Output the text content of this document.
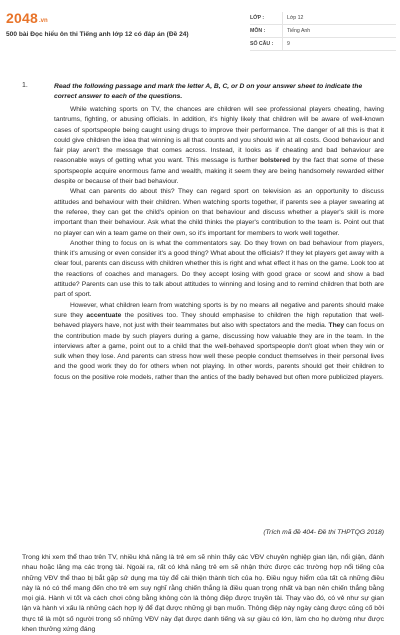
2048.vn
500 bài Đọc hiểu ôn thi Tiếng anh lớp 12 có đáp án (Đề 24)
LỚP :	Lớp 12
MÔN :	Tiếng Anh
SỐ CÂU :	9
1.	Read the following passage and mark the letter A, B, C, or D on your answer sheet to indicate the correct answer to each of the questions.

While watching sports on TV, the chances are children will see professional players cheating, having tantrums, fighting, or abusing officials. In addition, it's highly likely that children will be aware of well-known cases of sportspeople being caught using drugs to improve their performance. The danger of all this is that it could give children the idea that winning is all that counts and you should win at all costs. Good behaviour and fair play aren't the message that comes across. Instead, it looks as if cheating and bad behaviour are reasonable ways of getting what you want. This message is further bolstered by the fact that some of these sportspeople acquire enormous fame and wealth, making it seem they are being handsomely rewarded either despite or because of their bad behaviour.

What can parents do about this? They can regard sport on television as an opportunity to discuss attitudes and behaviour with their children. When watching sports together, if parents see a player swearing at the referee, they can get the child's opinion on that behaviour and discuss whether a player's skill is more important than their behaviour. Ask what the child thinks the player's contribution to the team is. Point out that no player can win a team game on their own, so it's important for members to work well together.

Another thing to focus on is what the commentators say. Do they frown on bad behaviour from players, think it's amusing or even consider it's a good thing? What about the officials? If they let players get away with a clear foul, parents can discuss with children whether this is right and what effect it has on the game. Look too at the reactions of coaches and managers. Do they accept losing with good grace or scowl and show a bad attitude? Parents can use this to talk about attitudes to winning and losing and to remind children that both are part of sport.

However, what children learn from watching sports is by no means all negative and parents should make sure they accentuate the positives too. They should emphasise to children the high reputation that well-behaved players have, not just with their teammates but also with spectators and the media. They can focus on the contribution made by such players during a game, discussing how valuable they are in the team. In the interviews after a game, point out to a child that the well-behaved sportspeople don't gloat when they win or sulk when they lose. And parents can stress how well these people conduct themselves in their personal lives and the good work they do for others when not playing. In other words, parents should get their children to focus on the positive role models, rather than the antics of the badly behaved but often more publicized players.

(Trích mã đề 404- Đề thi THPTQG 2018)
Trong khi xem thể thao trên TV, nhiều khả năng là trẻ em sẽ nhìn thấy các VĐV chuyên nghiệp gian lận, nổi giận, đánh nhau hoặc lăng mạ các trọng tài. Ngoài ra, rất có khả năng trẻ em sẽ nhận thức được các trường hợp nổi tiếng của những VĐV thể thao bị bắt gặp sử dụng ma túy để cải thiện thành tích của họ. Điều nguy hiểm của tất cả những điều này là nó có thể mang đến cho trẻ em suy nghĩ rằng chiến thắng là điều quan trọng nhất và bạn nên chiến thắng bằng mọi giá. Hành vi tốt và cách chơi công bằng không còn là thông điệp được truyền tải. Thay vào đó, có vẻ như sự gian lận và hành vi xấu là những cách hợp lý để đạt được những gì bạn muốn. Thông điệp này ngày càng được củng cố bởi thực tế là một số người trong số những VĐV này đạt được danh tiếng và sự giàu có lớn, làm cho họ dường như được khen thưởng xứng đáng
